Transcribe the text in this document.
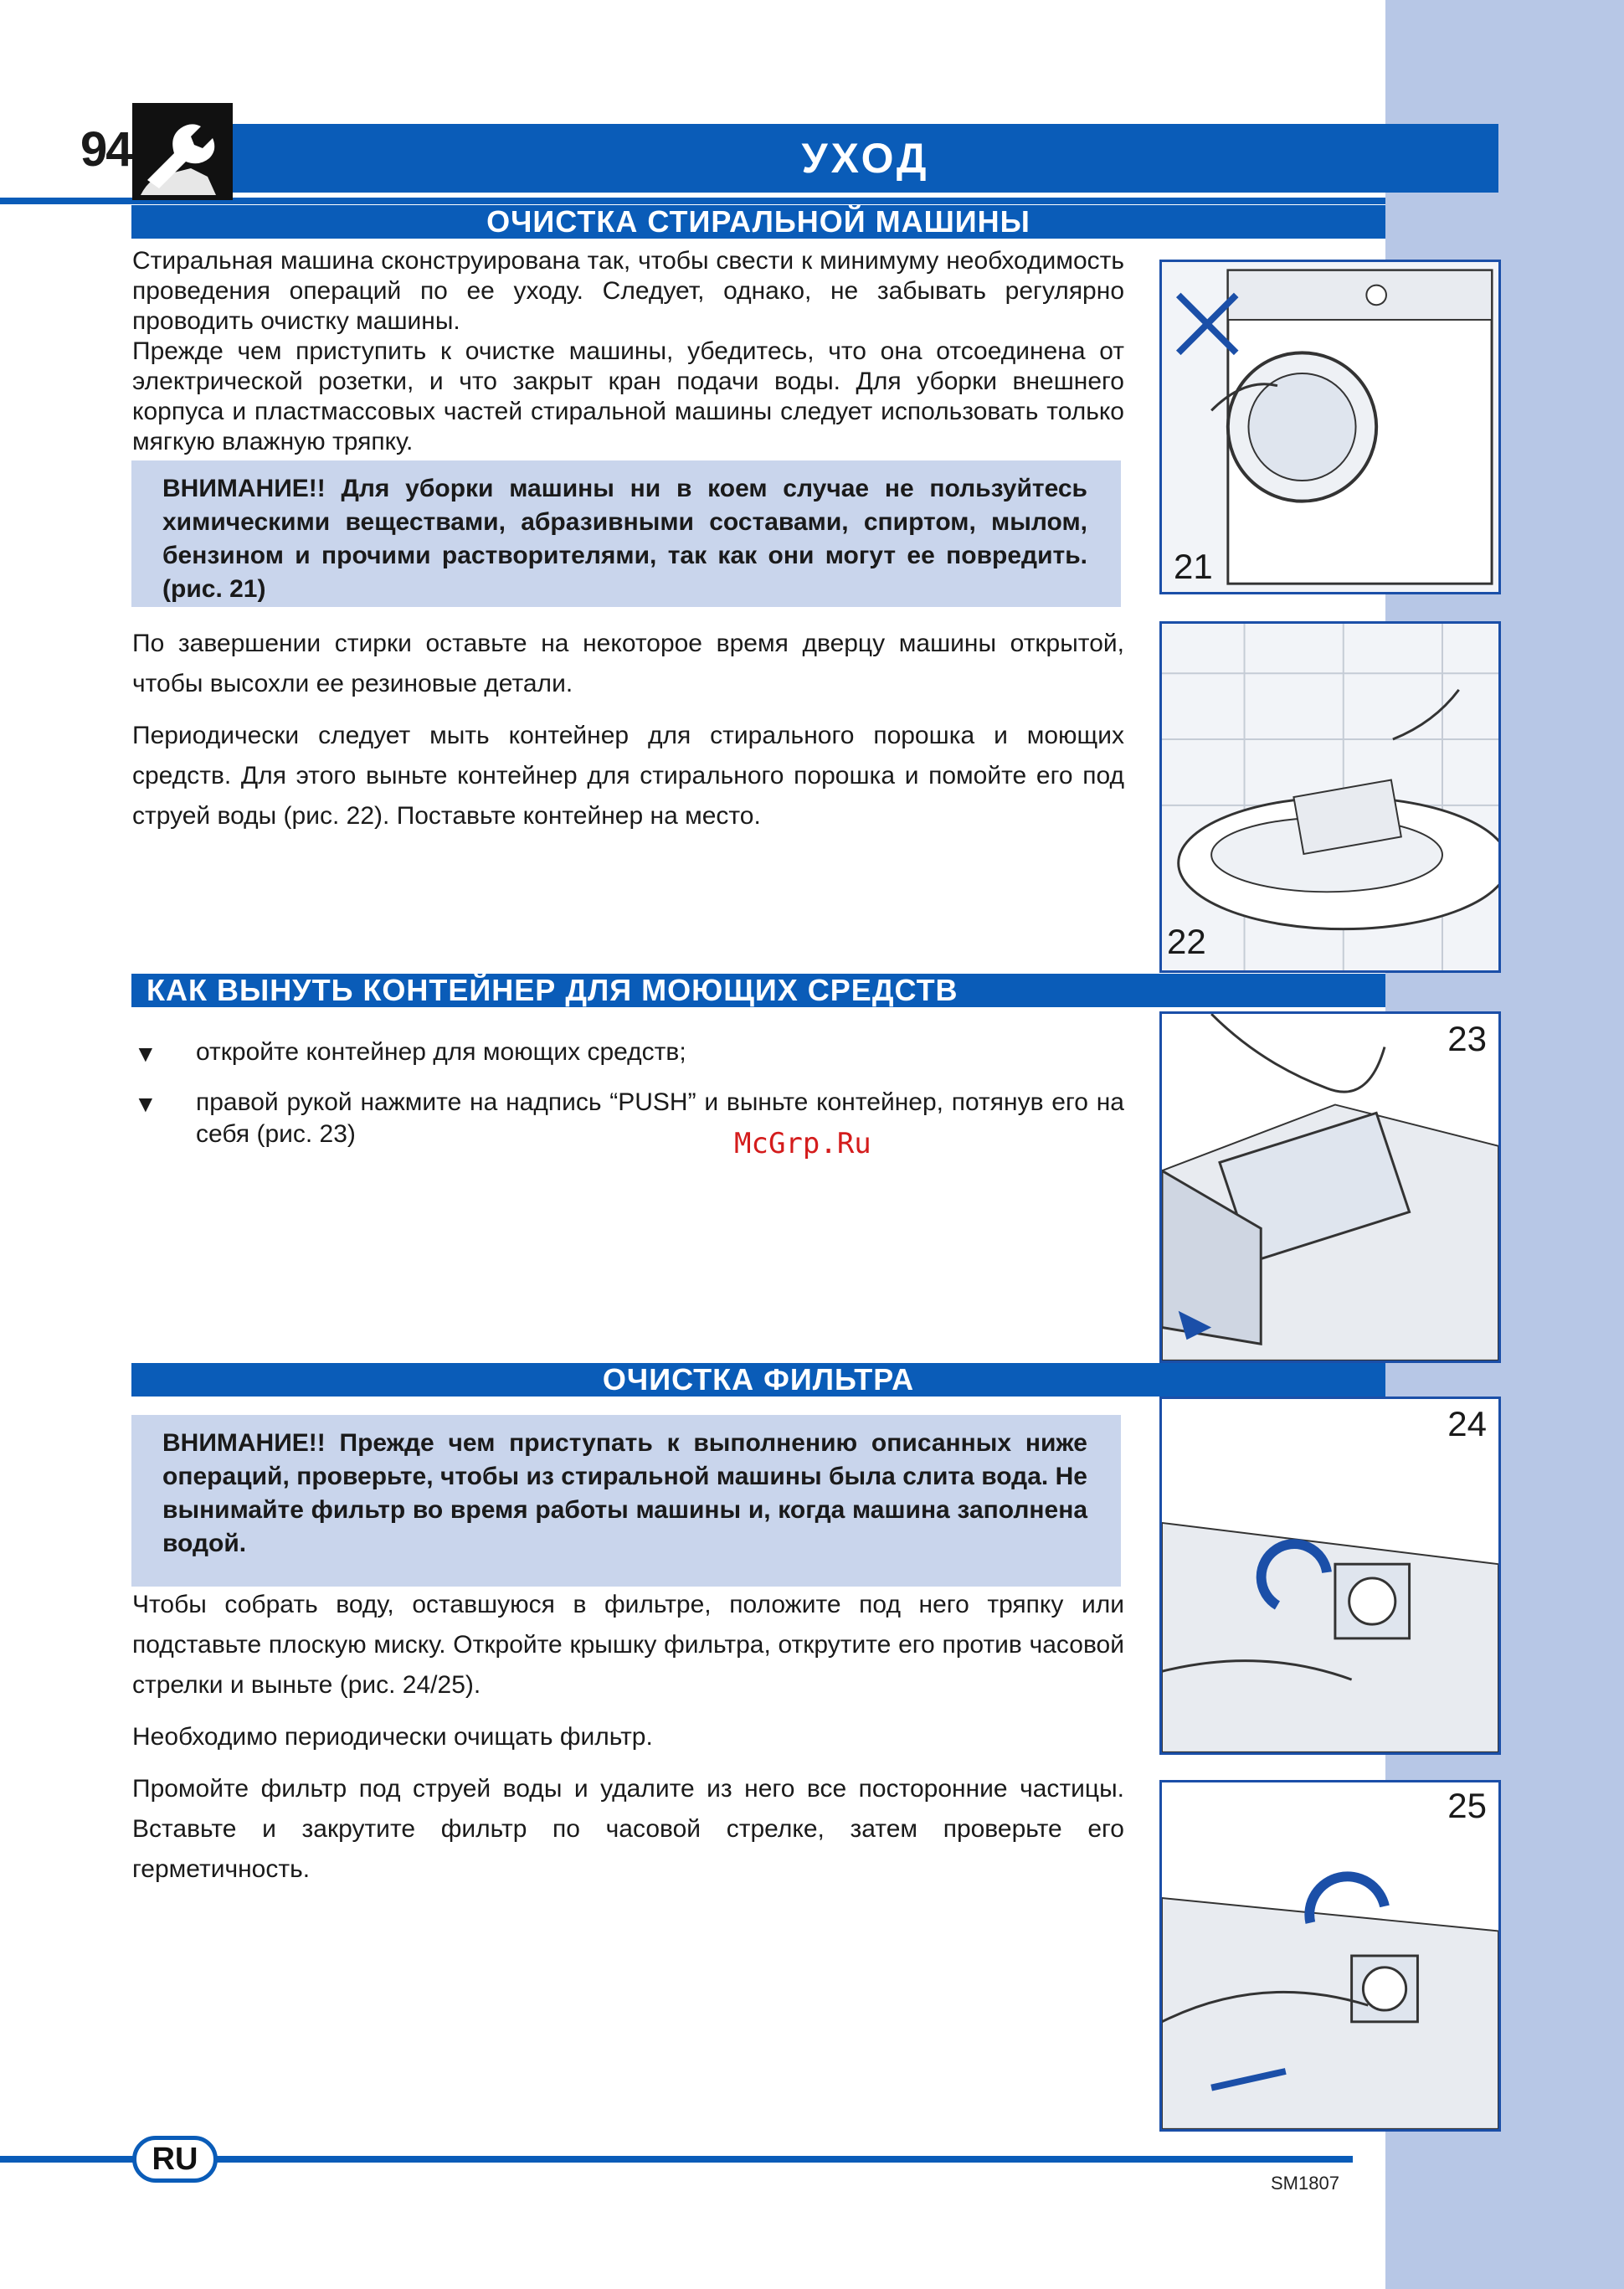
94	УХОД
ОЧИСТКА СТИРАЛЬНОЙ МАШИНЫ

Стиральная машина сконструирована так, чтобы свести к минимуму необходимость проведения операций по ее уходу. Следует, однако, не забывать регулярно проводить очистку машины.

Прежде чем приступить к очистке машины, убедитесь, что она отсоединена от электрической розетки, и что закрыт кран подачи воды. Для уборки внешнего корпуса и пластмассовых частей стиральной машины следует использовать только мягкую влажную тряпку.

ВНИМАНИЕ!! Для уборки машины ни в коем случае не пользуйтесь химическими веществами, абразивными составами, спиртом, мылом, бензином и прочими растворителями, так как они могут ее повредить. (рис. 21)

По завершении стирки оставьте на некоторое время дверцу машины открытой, чтобы высохли ее резиновые детали.

Периодически следует мыть контейнер для стирального порошка и моющих средств. Для этого выньте контейнер для стирального порошка и помойте его под струей воды (рис. 22). Поставьте контейнер на место.

21
22
КАК ВЫНУТЬ КОНТЕЙНЕР ДЛЯ МОЮЩИХ СРЕДСТВ
▼ откройте контейнер для моющих средств;
▼ правой рукой нажмите на надпись “PUSH” и выньте контейнер, потянув его на себя (рис. 23)	McGrp.Ru
23
ОЧИСТКА ФИЛЬТРА
ВНИМАНИЕ!! Прежде чем приступать к выполнению описанных ниже операций, проверьте, чтобы из стиральной машины была слита вода. Не вынимайте фильтр во время работы машины и, когда машина заполнена водой.

Чтобы собрать воду, оставшуюся в фильтре, положите под него тряпку или подставьте плоскую миску. Откройте крышку фильтра, открутите его против часовой стрелки и выньте (рис. 24/25).

Необходимо периодически очищать фильтр.

Промойте фильтр под струей воды и удалите из него все посторонние частицы. Вставьте и закрутите фильтр по часовой стрелке, затем проверьте его герметичность.

24
25
RU
SM1807
